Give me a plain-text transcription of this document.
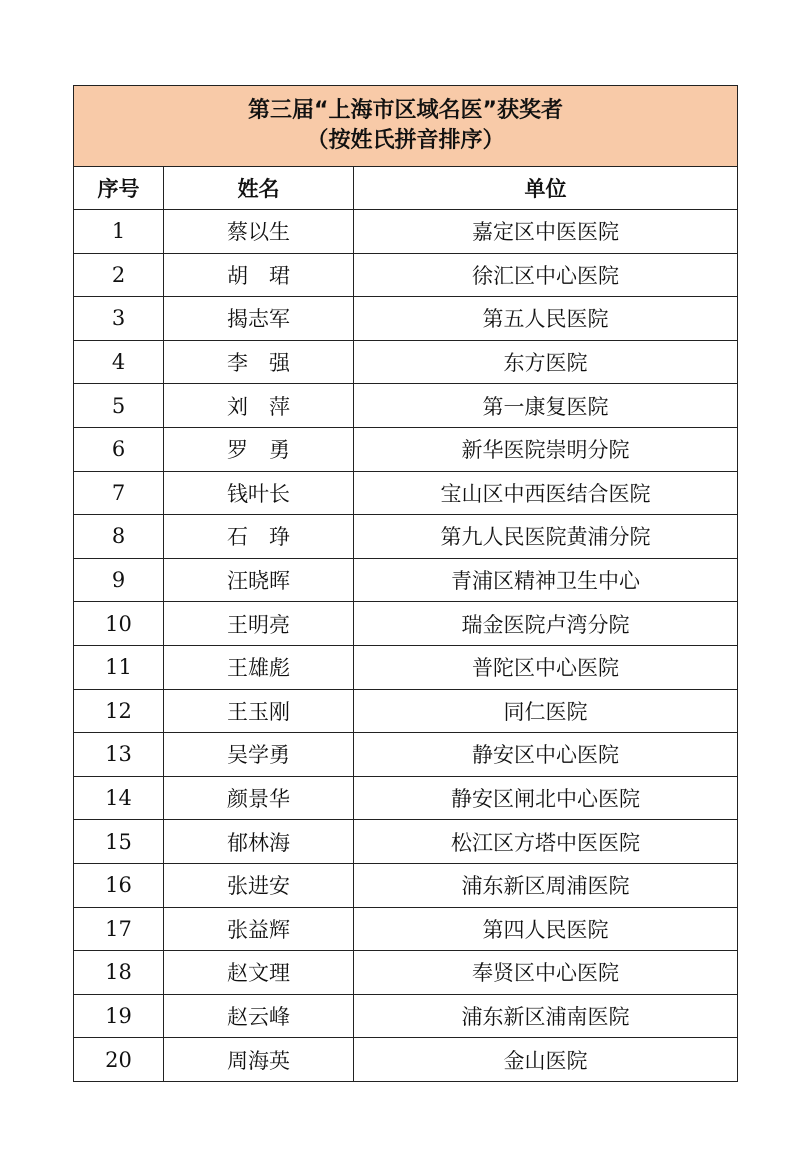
第三届“上海市区域名医”获奖者
（按姓氏拼音排序）		

序号	姓名	单位
1	蔡以生	嘉定区中医医院
2	胡　珺	徐汇区中心医院
3	揭志军	第五人民医院
4	李　强	东方医院
5	刘　萍	第一康复医院
6	罗　勇	新华医院崇明分院
7	钱叶长	宝山区中西医结合医院
8	石　琤	第九人民医院黄浦分院
9	汪晓晖	青浦区精神卫生中心
10	王明亮	瑞金医院卢湾分院
11	王雄彪	普陀区中心医院
12	王玉刚	同仁医院
13	吴学勇	静安区中心医院
14	颜景华	静安区闸北中心医院
15	郁林海	松江区方塔中医医院
16	张进安	浦东新区周浦医院
17	张益辉	第四人民医院
18	赵文理	奉贤区中心医院
19	赵云峰	浦东新区浦南医院
20	周海英	金山医院
